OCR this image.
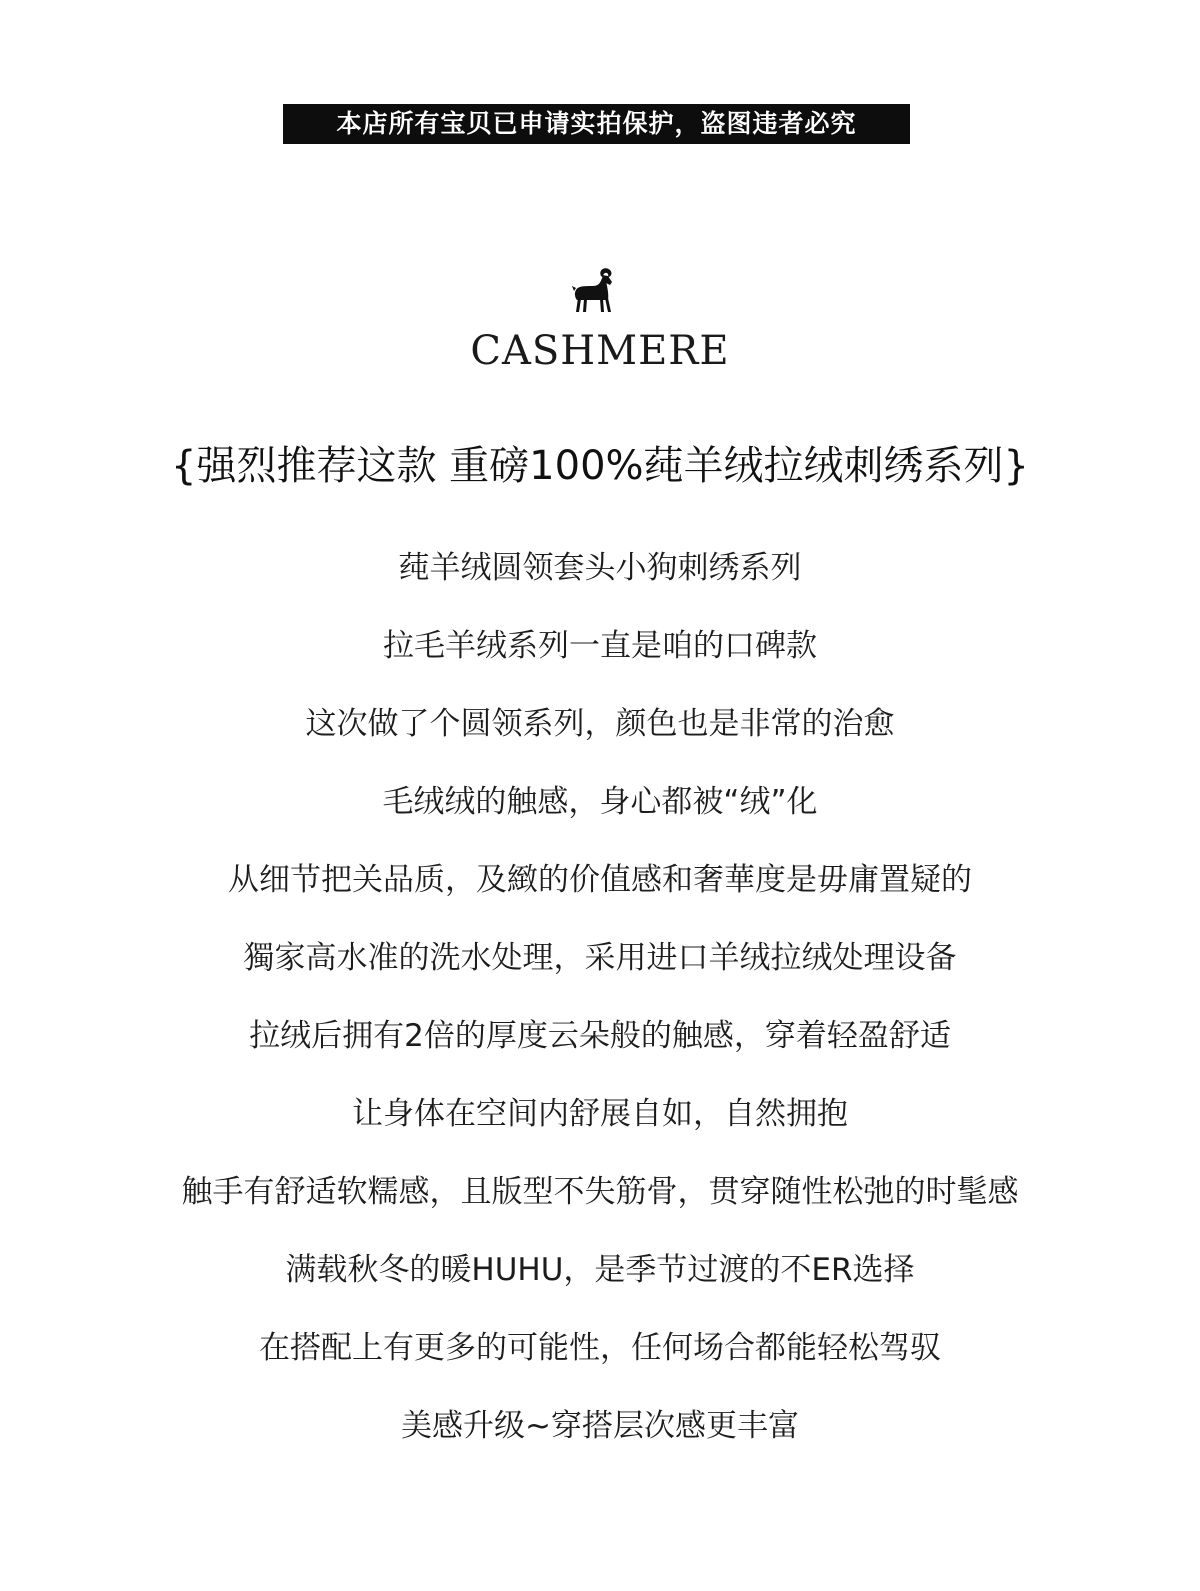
本店所有宝贝已申请实拍保护，盗图违者必究
CASHMERE
{强烈推荐这款 重磅100%莼羊绒拉绒刺绣系列}
莼羊绒圆领套头小狗刺绣系列
拉毛羊绒系列一直是咱的口碑款
这次做了个圆领系列，颜色也是非常的治愈
毛绒绒的触感，身心都被“绒”化
从细节把关品质，及緻的价值感和奢華度是毋庸置疑的
獨家高水准的洗水处理，采用进口羊绒拉绒处理设备
拉绒后拥有2倍的厚度云朵般的触感，穿着轻盈舒适
让身体在空间内舒展自如，自然拥抱
触手有舒适软糯感，且版型不失筋骨，贯穿随性松弛的时髦感
满载秋冬的暖HUHU，是季节过渡的不ER选择
在搭配上有更多的可能性，任何场合都能轻松驾驭
美感升级~穿搭层次感更丰富
